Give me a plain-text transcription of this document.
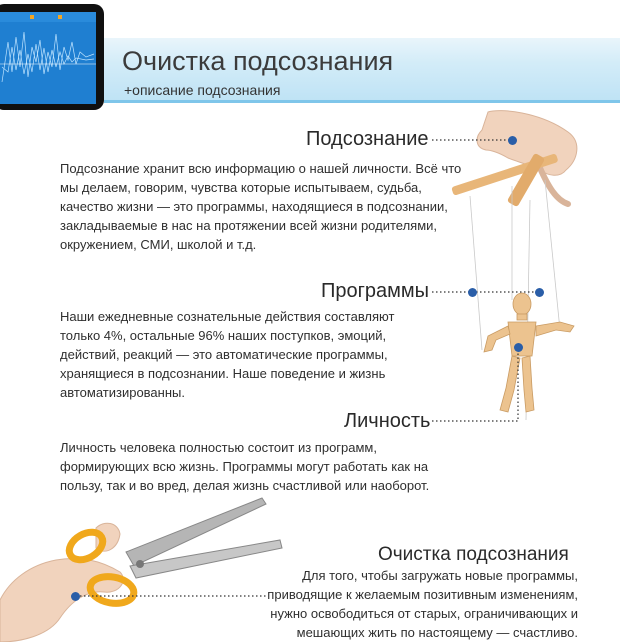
Очистка подсознания
+описание подсознания
Подсознание
Подсознание хранит всю информацию о нашей личности. Всё что мы делаем, говорим, чувства которые испытываем, судьба, качество жизни — это программы, находящиеся в подсознании, закладываемые в нас на протяжении всей жизни родителями, окружением, СМИ, школой и т.д.
Программы
Наши ежедневные сознательные действия составляют только 4%, остальные 96% наших поступков, эмоций, действий, реакций — это автоматические программы, хранящиеся в подсознании. Наше поведение и жизнь автоматизированны.
Личность
Личность человека полностью состоит из программ, формирующих всю жизнь. Программы могут работать как на пользу, так и во вред, делая жизнь счастливой или наоборот.
Очистка подсознания
Для того, чтобы загружать новые программы, приводящие к желаемым позитивным изменениям, нужно освободиться от старых, ограничивающих и мешающих жить по настоящему — счастливо.
